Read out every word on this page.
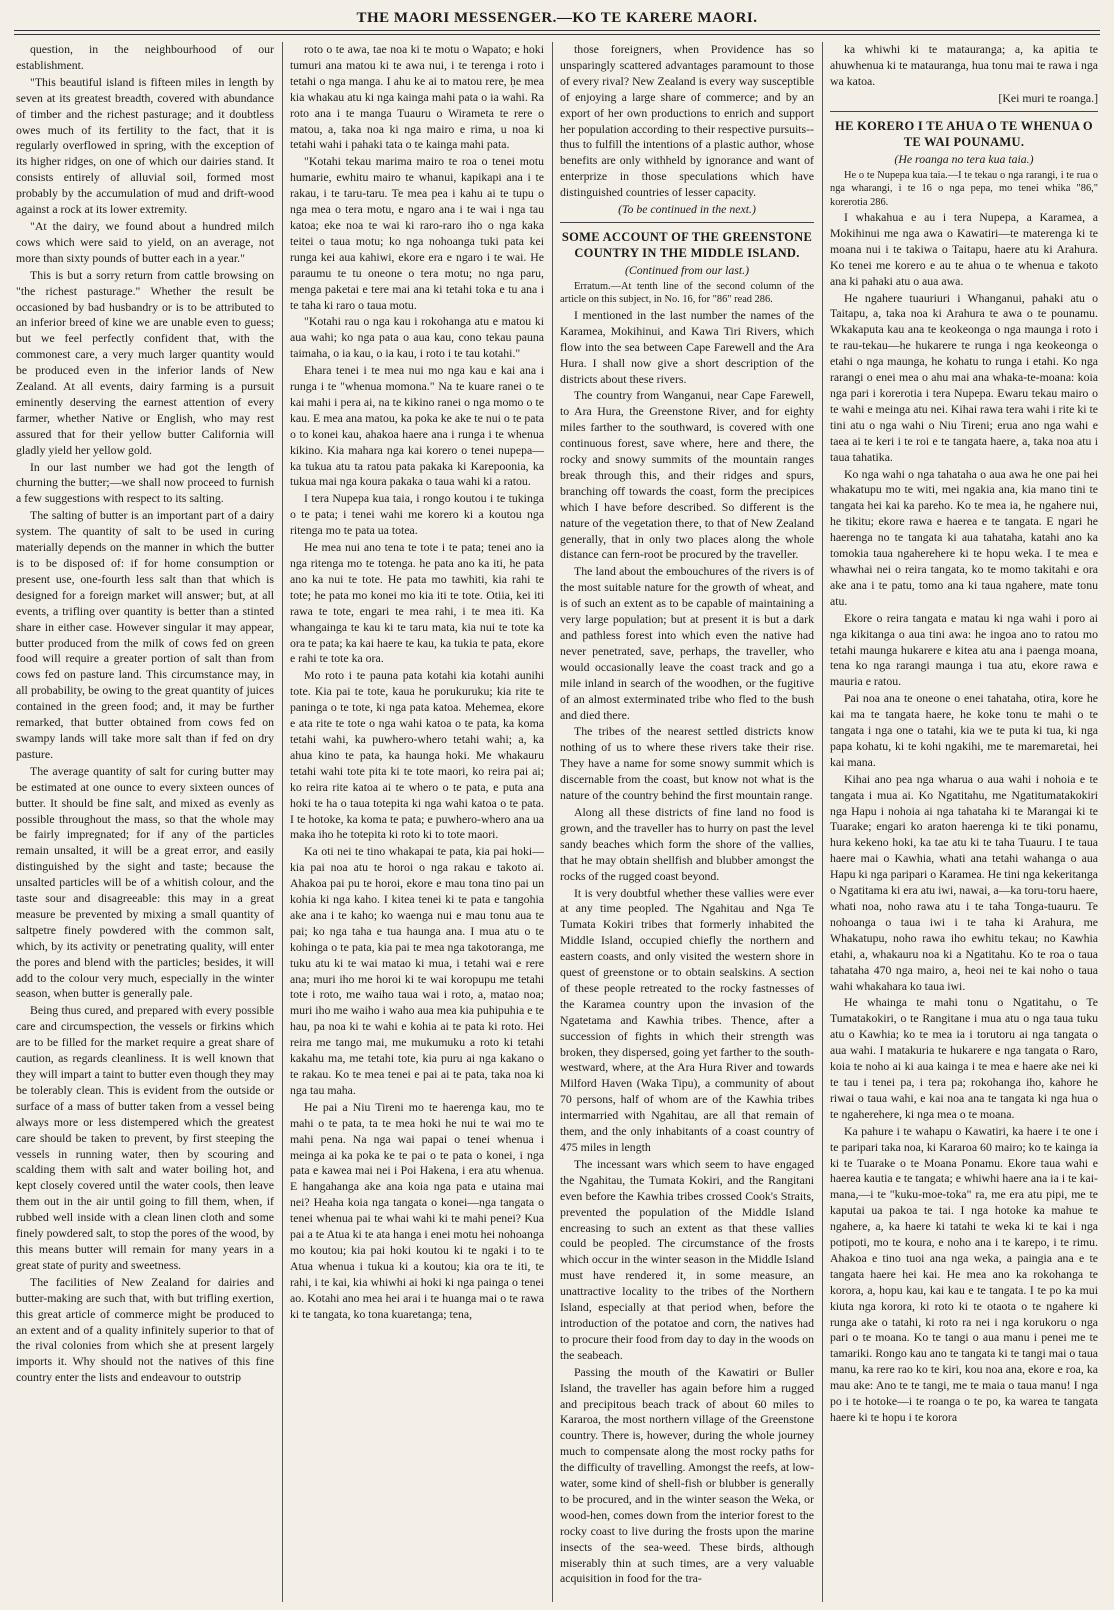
THE MAORI MESSENGER.—KO TE KARERE MAORI.

question, in the neighbourhood of our establishment.

"This beautiful island is fifteen miles in length by seven at its greatest breadth, covered with abundance of timber and the richest pasturage; and it doubtless owes much of its fertility to the fact, that it is regularly overflowed in spring, with the exception of its higher ridges, on one of which our dairies stand. It consists entirely of alluvial soil, formed most probably by the accumulation of mud and drift-wood against a rock at its lower extremity.

"At the dairy, we found about a hundred milch cows which were said to yield, on an average, not more than sixty pounds of butter each in a year."

This is but a sorry return from cattle browsing on "the richest pasturage." Whether the result be occasioned by bad husbandry or is to be attributed to an inferior breed of kine we are unable even to guess; but we feel perfectly confident that, with the commonest care, a very much larger quantity would be produced even in the inferior lands of New Zealand. At all events, dairy farming is a pursuit eminently deserving the earnest attention of every farmer, whether Native or English, who may rest assured that for their yellow butter California will gladly yield her yellow gold.

In our last number we had got the length of churning the butter;—we shall now proceed to furnish a few suggestions with respect to its salting.

The salting of butter is an important part of a dairy system. The quantity of salt to be used in curing materially depends on the manner in which the butter is to be disposed of: if for home consumption or present use, one-fourth less salt than that which is designed for a foreign market will answer; but, at all events, a trifling over quantity is better than a stinted share in either case. However singular it may appear, butter produced from the milk of cows fed on green food will require a greater portion of salt than from cows fed on pasture land. This circumstance may, in all probability, be owing to the great quantity of juices contained in the green food; and, it may be further remarked, that butter obtained from cows fed on swampy lands will take more salt than if fed on dry pasture.

The average quantity of salt for curing butter may be estimated at one ounce to every sixteen ounces of butter. It should be fine salt, and mixed as evenly as possible throughout the mass, so that the whole may be fairly impregnated; for if any of the particles remain unsalted, it will be a great error, and easily distinguished by the sight and taste; because the unsalted particles will be of a whitish colour, and the taste sour and disagreeable: this may in a great measure be prevented by mixing a small quantity of saltpetre finely powdered with the common salt, which, by its activity or penetrating quality, will enter the pores and blend with the particles; besides, it will add to the colour very much, especially in the winter season, when butter is generally pale.

Being thus cured, and prepared with every possible care and circumspection, the vessels or firkins which are to be filled for the market require a great share of caution, as regards cleanliness. It is well known that they will impart a taint to butter even though they may be tolerably clean. This is evident from the outside or surface of a mass of butter taken from a vessel being always more or less distempered which the greatest care should be taken to prevent, by first steeping the vessels in running water, then by scouring and scalding them with salt and water boiling hot, and kept closely covered until the water cools, then leave them out in the air until going to fill them, when, if rubbed well inside with a clean linen cloth and some finely powdered salt, to stop the pores of the wood, by this means butter will remain for many years in a great state of purity and sweetness.

The facilities of New Zealand for dairies and butter-making are such that, with but trifling exertion, this great article of commerce might be produced to an extent and of a quality infinitely superior to that of the rival colonies from which she at present largely imports it. Why should not the natives of this fine country enter the lists and endeavour to outstrip

roto o te awa, tae noa ki te motu o Wapato; e hoki tumuri ana matou ki te awa nui, i te terenga i roto i tetahi o nga manga. I ahu ke ai to matou rere, ḥe mea kia whakau atu ki nga kainga mahi pata o ia wahi. Ra roto ana i te manga Tuauru o Wirameta te rere o matou, a, taka noa ki nga mairo e rima, u noa ki tetahi wahi i pahaki tata o te kainga mahi pata.

"Kotahi tekau marima mairo te roa o tenei motu humarie, ewhitu mairo te whanui, kapikapi ana i te rakau, i te taru-taru. Te mea pea i kahu ai te tupu o nga mea o tera motu, e ngaro ana i te wai i nga tau katoa; eke noa te wai ki raro-raro iho o nga kaka teitei o taua motu; ko nga nohoanga tuki pata kei runga kei aua kahiwi, ekore era e ngaro i te wai. He paraumu te tu oneone o tera motu; no nga paru, menga paketai e tere mai ana ki tetahi toka e tu ana i te taha ki raro o taua motu.

"Kotahi rau o nga kau i rokohanga atu e matou ki aua wahi; ko nga pata o aua kau, cono tekau pauna taimaha, o ia kau, o ia kau, i roto i te tau kotahi."

Ehara tenei i te mea nui mo nga kau e kai ana i runga i te "whenua momona." Na te kuare ranei o te kai mahi i pera ai, na te kikino ranei o nga momo o te kau. E mea ana matou, ka poka ke ake te nui o te pata o to konei kau, ahakoa haere ana i runga i te whenua kikino. Kia mahara nga kai korero o tenei nupepa—ka tukua atu ta ratou pata pakaka ki Karepoonia, ka tukua mai nga koura pakaka o taua wahi ki a ratou.

I tera Nupepa kua taia, i rongo koutou i te tukinga o te pata; i tenei wahi me korero ki a koutou nga ritenga mo te pata ua totea.

He mea nui ano tena te tote i te pata; tenei ano ia nga ritenga mo te totenga. he pata ano ka iti, he pata ano ka nui te tote. He pata mo tawhiti, kia rahi te tote; he pata mo konei mo kia iti te tote. Otiia, kei iti rawa te tote, engari te mea rahi, i te mea iti. Ka whangainga te kau ki te taru mata, kia nui te tote ka ora te pata; ka kai haere te kau, ka tukia te pata, ekore e rahi te tote ka ora.

Mo roto i te pauna pata kotahi kia kotahi aunihi tote. Kia pai te tote, kaua he porukuruku; kia rite te paninga o te tote, ki nga pata katoa. Mehemea, ekore e ata rite te tote o nga wahi katoa o te pata, ka koma tetahi wahi, ka puwhero-whero tetahi wahi; a, ka ahua kino te pata, ka haunga hoki. Me whakauru tetahi wahi tote pita ki te tote maori, ko reira pai ai; ko reira rite katoa ai te whero o te pata, e puta ana hoki te ha o taua totepita ki nga wahi katoa o te pata. I te hotoke, ka koma te pata; e puwhero-whero ana ua maka iho he totepita ki roto ki to tote maori.

Ka oti nei te tino whakapai te pata, kia pai hoki—kia pai noa atu te horoi o nga rakau e takoto ai. Ahakoa pai pu te horoi, ekore e mau tona tino pai un kohia ki nga kaho. I kitea tenei ki te pata e tangohia ake ana i te kaho; ko waenga nui e mau tonu aua te pai; ko nga taha e tua haunga ana. I mua atu o te kohinga o te pata, kia pai te mea nga takotoranga, me tuku atu ki te wai matao ki mua, i tetahi wai e rere ana; muri iho me horoi ki te wai koropupu me tetahi tote i roto, me waiho taua wai i roto, a, matao noa; muri iho me waiho i waho aua mea kia puhipuhia e te hau, pa noa ki te wahi e kohia ai te pata ki roto. Hei reira me tango mai, me mukumuku a roto ki tetahi kakahu ma, me tetahi tote, kia puru ai nga kakano o te rakau. Ko te mea tenei e pai ai te pata, taka noa ki nga tau maha.

He pai a Niu Tireni mo te haerenga kau, mo te mahi o te pata, ta te mea hoki he nui te wai mo te mahi pena. Na nga wai papai o tenei whenua i meinga ai ka poka ke te pai o te pata o konei, i nga pata e kawea mai nei i Poi Hakena, i era atu whenua. E hangahanga ake ana koia nga pata e utaina mai nei? Heaha koia nga tangata o konei—nga tangata o tenei whenua pai te whai wahi ki te mahi penei? Kua pai a te Atua ki te ata hanga i enei motu hei nohoanga mo koutou; kia pai hoki koutou ki te ngaki i to te Atua whenua i tukua ki a koutou; kia ora te iti, te rahi, i te kai, kia whiwhi ai hoki ki nga painga o tenei ao. Kotahi ano mea hei arai i te huanga mai o te rawa ki te tangata, ko tona kuaretanga; tena,

those foreigners, when Providence has so unsparingly scattered advantages paramount to those of every rival? New Zealand is every way susceptible of enjoying a large share of commerce; and by an export of her own productions to enrich and support her population according to their respective pursuits--thus to fulfill the intentions of a plastic author, whose benefits are only withheld by ignorance and want of enterprize in those speculations which have distinguished countries of lesser capacity.

(To be continued in the next.)

SOME ACCOUNT OF THE GREENSTONE COUNTRY IN THE MIDDLE ISLAND.

(Continued from our last.)

Erratum.—At tenth line of the second column of the article on this subject, in No. 16, for "86" read 286.

I mentioned in the last number the names of the Karamea, Mokihinui, and Kawa Tiri Rivers, which flow into the sea between Cape Farewell and the Ara Hura. I shall now give a short description of the districts about these rivers.

The country from Wanganui, near Cape Farewell, to Ara Hura, the Greenstone River, and for eighty miles farther to the southward, is covered with one continuous forest, save where, here and there, the rocky and snowy summits of the mountain ranges break through this, and their ridges and spurs, branching off towards the coast, form the precipices which I have before described. So different is the nature of the vegetation there, to that of New Zealand generally, that in only two places along the whole distance can fern-root be procured by the traveller.

The land about the embouchures of the rivers is of the most suitable nature for the growth of wheat, and is of such an extent as to be capable of maintaining a very large population; but at present it is but a dark and pathless forest into which even the native had never penetrated, save, perhaps, the traveller, who would occasionally leave the coast track and go a mile inland in search of the woodhen, or the fugitive of an almost exterminated tribe who fled to the bush and died there.

The tribes of the nearest settled districts know nothing of us to where these rivers take their rise. They have a name for some snowy summit which is discernable from the coast, but know not what is the nature of the country behind the first mountain range.

Along all these districts of fine land no food is grown, and the traveller has to hurry on past the level sandy beaches which form the shore of the vallies, that he may obtain shellfish and blubber amongst the rocks of the rugged coast beyond.

It is very doubtful whether these vallies were ever at any time peopled. The Ngahitau and Nga Te Tumata Kokiri tribes that formerly inhabited the Middle Island, occupied chiefly the northern and eastern coasts, and only visited the western shore in quest of greenstone or to obtain sealskins. A section of these people retreated to the rocky fastnesses of the Karamea country upon the invasion of the Ngatetama and Kawhia tribes. Thence, after a succession of fights in which their strength was broken, they dispersed, going yet farther to the south-westward, where, at the Ara Hura River and towards Milford Haven (Waka Tipu), a community of about 70 persons, half of whom are of the Kawhia tribes intermarried with Ngahitau, are all that remain of them, and the only inhabitants of a coast country of 475 miles in length

The incessant wars which seem to have engaged the Ngahitau, the Tumata Kokiri, and the Rangitani even before the Kawhia tribes crossed Cook's Straits, prevented the population of the Middle Island encreasing to such an extent as that these vallies could be peopled. The circumstance of the frosts which occur in the winter season in the Middle Island must have rendered it, in some measure, an unattractive locality to the tribes of the Northern Island, especially at that period when, before the introduction of the potatoe and corn, the natives had to procure their food from day to day in the woods on the seabeach.

Passing the mouth of the Kawatiri or Buller Island, the traveller has again before him a rugged and precipitous beach track of about 60 miles to Kararoa, the most northern village of the Greenstone country. There is, however, during the whole journey much to compensate along the most rocky paths for the difficulty of travelling. Amongst the reefs, at low-water, some kind of shell-fish or blubber is generally to be procured, and in the winter season the Weka, or wood-hen, comes down from the interior forest to the rocky coast to live during the frosts upon the marine insects of the sea-weed. These birds, although miserably thin at such times, are a very valuable acquisition in food for the tra-

ka whiwhi ki te matauranga; a, ka apitia te ahuwhenua ki te matauranga, hua tonu mai te rawa i nga wa katoa.

[Kei muri te roanga.]

HE KORERO I TE AHUA O TE WHENUA O TE WAI POUNAMU.

(He roanga no tera kua taia.)

He o te Nupepa kua taia.—I te tekau o nga rarangi, i te rua o nga wharangi, i te 16 o nga pepa, mo tenei whika "86," korerotia 286.

I whakahua e au i tera Nupepa, a Karamea, a Mokihinui me nga awa o Kawatiri—te materenga ki te moana nui i te takiwa o Taitapu, haere atu ki Arahura. Ko tenei me korero e au te ahua o te whenua e takoto ana ki pahaki atu o aua awa.

He ngahere tuauriuri i Whanganui, pahaki atu o Taitapu, a, taka noa ki Arahura te awa o te pounamu. Wkakaputa kau ana te keokeonga o nga maunga i roto i te rau-tekau—he hukarere te runga i nga keokeonga o etahi o nga maunga, he kohatu to runga i etahi. Ko nga rarangi o enei mea o ahu mai ana whaka-te-moana: koia nga pari i korerotia i tera Nupepa. Ewaru tekau mairo o te wahi e meinga atu nei. Kihai rawa tera wahi i rite ki te tini atu o nga wahi o Niu Tireni; erua ano nga wahi e taea ai te keri i te roi e te tangata haere, a, taka noa atu i taua tahatika.

Ko nga wahi o nga tahataha o aua awa he one pai hei whakatupu mo te witi, mei ngakia ana, kia mano tini te tangata hei kai ka pareho. Ko te mea ia, he ngahere nui, he tikitu; ekore rawa e haerea e te tangata. E ngari he haerenga no te tangata ki aua tahataha, katahi ano ka tomokia taua ngaherehere ki te hopu weka. I te mea e whawhai nei o reira tangata, ko te momo takitahi e ora ake ana i te patu, tomo ana ki taua ngahere, mate tonu atu.

Ekore o reira tangata e matau ki nga wahi i poro ai nga kikitanga o aua tini awa: he ingoa ano to ratou mo tetahi maunga hukarere e kitea atu ana i paenga moana, tena ko nga rarangi maunga i tua atu, ekore rawa e mauria e ratou.

Pai noa ana te oneone o enei tahataha, otira, kore he kai ma te tangata haere, he koke tonu te mahi o te tangata i nga one o tatahi, kia we te puta ki tua, ki nga papa kohatu, ki te kohi ngakihi, me te maremaretai, hei kai mana.

Kihai ano pea nga wharua o aua wahi i nohoia e te tangata i mua ai. Ko Ngatitahu, me Ngatitumatakokiri nga Hapu i nohoia ai nga tahataha ki te Marangai ki te Tuarake; engari ko araton haerenga ki te tiki ponamu, hura kekeno hoki, ka tae atu ki te taha Tuauru. I te taua haere mai o Kawhia, whati ana tetahi wahanga o aua Hapu ki nga paripari o Karamea. He tini nga kekeritanga o Ngatitama ki era atu iwi, nawai, a—ka toru-toru haere, whati noa, noho rawa atu i te taha Tonga-tuauru. Te nohoanga o taua iwi i te taha ki Arahura, me Whakatupu, noho rawa iho ewhitu tekau; no Kawhia etahi, a, whakauru noa ki a Ngatitahu. Ko te roa o taua tahataha 470 nga mairo, a, heoi nei te kai noho o taua wahi whakahara ko taua iwi.

He whainga te mahi tonu o Ngatitahu, o Te Tumatakokiri, o te Rangitane i mua atu o nga taua tuku atu o Kawhia; ko te mea ia i torutoru ai nga tangata o aua wahi. I matakuria te hukarere e nga tangata o Raro, koia te noho ai ki aua kainga i te mea e haere ake nei ki te tau i tenei pa, i tera pa; rokohanga iho, kahore he riwai o taua wahi, e kai noa ana te tangata ki nga hua o te ngaherehere, ki nga mea o te moana.

Ka pahure i te wahapu o Kawatiri, ka haere i te one i te paripari taka noa, ki Kararoa 60 mairo; ko te kainga ia ki te Tuarake o te Moana Ponamu. Ekore taua wahi e haerea kautia e te tangata; e whiwhi haere ana ia i te kai-mana,—i te "kuku-moe-toka" ra, me era atu pipi, me te kaputai ua pakoa te tai. I nga hotoke ka mahue te ngahere, a, ka haere ki tatahi te weka ki te kai i nga potipoti, mo te koura, e noho ana i te karepo, i te rimu. Ahakoa e tino tuoi ana nga weka, a paingia ana e te tangata haere hei kai. He mea ano ka rokohanga te korora, a, hopu kau, kai kau e te tangata. I te po ka mui kiuta nga korora, ki roto ki te otaota o te ngahere ki runga ake o tatahi, ki roto ra nei i nga korukoru o nga pari o te moana. Ko te tangi o aua manu i penei me te tamariki. Rongo kau ano te tangata ki te tangi mai o taua manu, ka rere rao ko te kiri, kou noa ana, ekore e roa, ka mau ake: Ano te te tangi, me te maia o taua manu! I nga po i te hotoke—i te roanga o te po, ka warea te tangata haere ki te hopu i te korora
